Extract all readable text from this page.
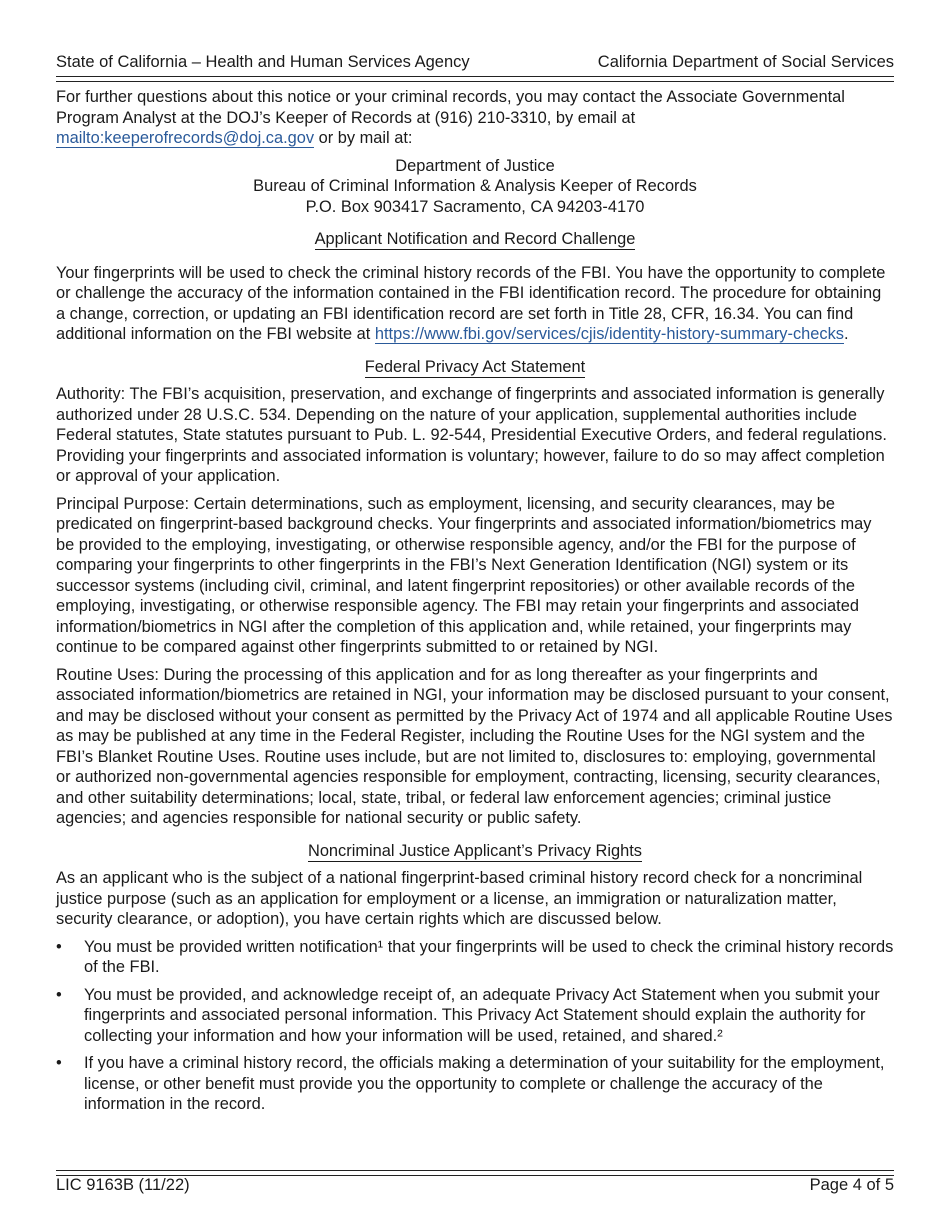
State of California – Health and Human Services Agency	California Department of Social Services

For further questions about this notice or your criminal records, you may contact the Associate Governmental Program Analyst at the DOJ’s Keeper of Records at (916) 210-3310, by email at mailto:keeperofrecords@doj.ca.gov or by mail at:

Department of Justice
Bureau of Criminal Information & Analysis Keeper of Records
P.O. Box 903417 Sacramento, CA 94203-4170

Applicant Notification and Record Challenge

Your fingerprints will be used to check the criminal history records of the FBI. You have the opportunity to complete or challenge the accuracy of the information contained in the FBI identification record. The procedure for obtaining a change, correction, or updating an FBI identification record are set forth in Title 28, CFR, 16.34. You can find additional information on the FBI website at https://www.fbi.gov/services/cjis/identity-history-summary-checks.

Federal Privacy Act Statement

Authority: The FBI’s acquisition, preservation, and exchange of fingerprints and associated information is generally authorized under 28 U.S.C. 534. Depending on the nature of your application, supplemental authorities include Federal statutes, State statutes pursuant to Pub. L. 92-544, Presidential Executive Orders, and federal regulations. Providing your fingerprints and associated information is voluntary; however, failure to do so may affect completion or approval of your application.

Principal Purpose: Certain determinations, such as employment, licensing, and security clearances, may be predicated on fingerprint-based background checks. Your fingerprints and associated information/biometrics may be provided to the employing, investigating, or otherwise responsible agency, and/or the FBI for the purpose of comparing your fingerprints to other fingerprints in the FBI’s Next Generation Identification (NGI) system or its successor systems (including civil, criminal, and latent fingerprint repositories) or other available records of the employing, investigating, or otherwise responsible agency. The FBI may retain your fingerprints and associated information/biometrics in NGI after the completion of this application and, while retained, your fingerprints may continue to be compared against other fingerprints submitted to or retained by NGI.

Routine Uses: During the processing of this application and for as long thereafter as your fingerprints and associated information/biometrics are retained in NGI, your information may be disclosed pursuant to your consent, and may be disclosed without your consent as permitted by the Privacy Act of 1974 and all applicable Routine Uses as may be published at any time in the Federal Register, including the Routine Uses for the NGI system and the FBI’s Blanket Routine Uses. Routine uses include, but are not limited to, disclosures to: employing, governmental or authorized non-governmental agencies responsible for employment, contracting, licensing, security clearances, and other suitability determinations; local, state, tribal, or federal law enforcement agencies; criminal justice agencies; and agencies responsible for national security or public safety.

Noncriminal Justice Applicant’s Privacy Rights

As an applicant who is the subject of a national fingerprint-based criminal history record check for a noncriminal justice purpose (such as an application for employment or a license, an immigration or naturalization matter, security clearance, or adoption), you have certain rights which are discussed below.

• You must be provided written notification¹ that your fingerprints will be used to check the criminal history records of the FBI.
• You must be provided, and acknowledge receipt of, an adequate Privacy Act Statement when you submit your fingerprints and associated personal information. This Privacy Act Statement should explain the authority for collecting your information and how your information will be used, retained, and shared.²
• If you have a criminal history record, the officials making a determination of your suitability for the employment, license, or other benefit must provide you the opportunity to complete or challenge the accuracy of the information in the record.
LIC 9163B (11/22)	Page 4 of 5
